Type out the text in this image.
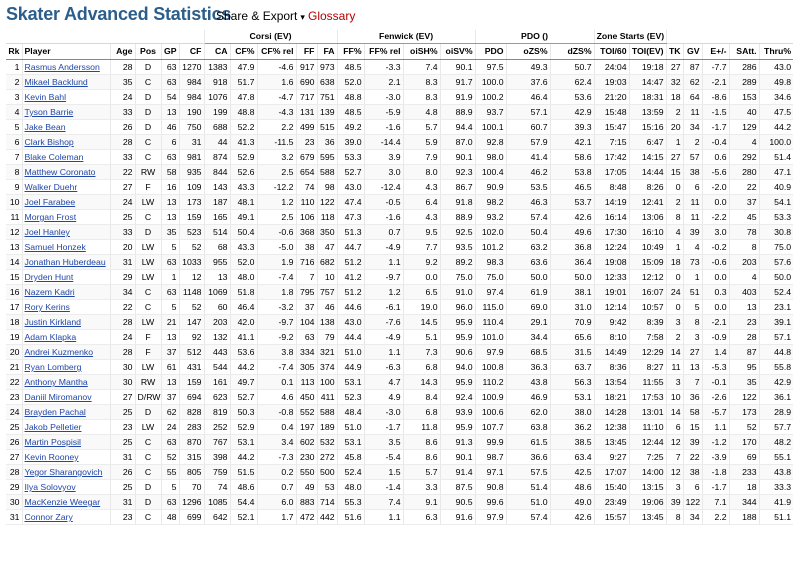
Skater Advanced Statistics
Share & Export ▾ Glossary
						Corsi (EV)					Fenwick (EV)				PDO ()			Zone Starts (EV)						
Rk	Player	Age	Pos	GP	CF	CA	CF%	CF% rel	FF	FA	FF%	FF% rel	oiSH%	oiSV%	PDO	oZS%	dZS%	TOI/60	TOI(EV)	TK	GV	E+/-	SAtt.	Thru%
1	Rasmus Andersson	28	D	63	1270	1383	47.9	-4.6	917	973	48.5	-3.3	7.4	90.1	97.5	49.3	50.7	24:04	19:18	27	87	-7.7	286	43.0
2	Mikael Backlund	35	C	63	984	918	51.7	1.6	690	638	52.0	2.1	8.3	91.7	100.0	37.6	62.4	19:03	14:47	32	62	-2.1	289	49.8
3	Kevin Bahl	24	D	54	984	1076	47.8	-4.7	717	751	48.8	-3.0	8.3	91.9	100.2	46.4	53.6	21:20	18:31	18	64	-8.6	153	34.6
4	Tyson Barrie	33	D	13	190	199	48.8	-4.3	131	139	48.5	-5.9	4.8	88.9	93.7	57.1	42.9	15:48	13:59	2	11	-1.5	40	47.5
5	Jake Bean	26	D	46	750	688	52.2	2.2	499	515	49.2	-1.6	5.7	94.4	100.1	60.7	39.3	15:47	15:16	20	34	-1.7	129	44.2
6	Clark Bishop	28	C	6	31	44	41.3	-11.5	23	36	39.0	-14.4	5.9	87.0	92.8	57.9	42.1	7:15	6:47	1	2	-0.4	4	100.0
7	Blake Coleman	33	C	63	981	874	52.9	3.2	679	595	53.3	3.9	7.9	90.1	98.0	41.4	58.6	17:42	14:15	27	57	0.6	292	51.4
8	Matthew Coronato	22	RW	58	935	844	52.6	2.5	654	588	52.7	3.0	8.0	92.3	100.4	46.2	53.8	17:05	14:44	15	38	-5.6	280	47.1
9	Walker Duehr	27	F	16	109	143	43.3	-12.2	74	98	43.0	-12.4	4.3	86.7	90.9	53.5	46.5	8:48	8:26	0	6	-2.0	22	40.9
10	Joel Farabee	24	LW	13	173	187	48.1	1.2	110	122	47.4	-0.5	6.4	91.8	98.2	46.3	53.7	14:19	12:41	2	11	0.0	37	54.1
11	Morgan Frost	25	C	13	159	165	49.1	2.5	106	118	47.3	-1.6	4.3	88.9	93.2	57.4	42.6	16:14	13:06	8	11	-2.2	45	53.3
12	Joel Hanley	33	D	35	523	514	50.4	-0.6	368	350	51.3	0.7	9.5	92.5	102.0	50.4	49.6	17:30	16:10	4	39	3.0	78	30.8
13	Samuel Honzek	20	LW	5	52	68	43.3	-5.0	38	47	44.7	-4.9	7.7	93.5	101.2	63.2	36.8	12:24	10:49	1	4	-0.2	8	75.0
14	Jonathan Huberdeau	31	LW	63	1033	955	52.0	1.9	716	682	51.2	1.1	9.2	89.2	98.3	63.6	36.4	19:08	15:09	18	73	-0.6	203	57.6
15	Dryden Hunt	29	LW	1	12	13	48.0	-7.4	7	10	41.2	-9.7	0.0	75.0	75.0	50.0	50.0	12:33	12:12	0	1	0.0	4	50.0
16	Nazem Kadri	34	C	63	1148	1069	51.8	1.8	795	757	51.2	1.2	6.5	91.0	97.4	61.9	38.1	19:01	16:07	24	51	0.3	403	52.4
17	Rory Kerins	22	C	5	52	60	46.4	-3.2	37	46	44.6	-6.1	19.0	96.0	115.0	69.0	31.0	12:14	10:57	0	5	0.0	13	23.1
18	Justin Kirkland	28	LW	21	147	203	42.0	-9.7	104	138	43.0	-7.6	14.5	95.9	110.4	29.1	70.9	9:42	8:39	3	8	-2.1	23	39.1
19	Adam Klapka	24	F	13	92	132	41.1	-9.2	63	79	44.4	-4.9	5.1	95.9	101.0	34.4	65.6	8:10	7:58	2	3	-0.9	28	57.1
20	Andrei Kuzmenko	28	F	37	512	443	53.6	3.8	334	321	51.0	1.1	7.3	90.6	97.9	68.5	31.5	14:49	12:29	14	27	1.4	87	44.8
21	Ryan Lomberg	30	LW	61	431	544	44.2	-7.4	305	374	44.9	-6.3	6.8	94.0	100.8	36.3	63.7	8:36	8:27	11	13	-5.3	95	55.8
22	Anthony Mantha	30	RW	13	159	161	49.7	0.1	113	100	53.1	4.7	14.3	95.9	110.2	43.8	56.3	13:54	11:55	3	7	-0.1	35	42.9
23	Daniil Miromanov	27	D/RW	37	694	623	52.7	4.6	450	411	52.3	4.9	8.4	92.4	100.9	46.9	53.1	18:21	17:53	10	36	-2.6	122	36.1
24	Brayden Pachal	25	D	62	828	819	50.3	-0.8	552	588	48.4	-3.0	6.8	93.9	100.6	62.0	38.0	14:28	13:01	14	58	-5.7	173	28.9
25	Jakob Pelletier	23	LW	24	283	252	52.9	0.4	197	189	51.0	-1.7	11.8	95.9	107.7	63.8	36.2	12:38	11:10	6	15	1.1	52	57.7
26	Martin Pospisil	25	C	63	870	767	53.1	3.4	602	532	53.1	3.5	8.6	91.3	99.9	61.5	38.5	13:45	12:44	12	39	-1.2	170	48.2
27	Kevin Rooney	31	C	52	315	398	44.2	-7.3	230	272	45.8	-5.4	8.6	90.1	98.7	36.6	63.4	9:27	7:25	7	22	-3.9	69	55.1
28	Yegor Sharangovich	26	C	55	805	759	51.5	0.2	550	500	52.4	1.5	5.7	91.4	97.1	57.5	42.5	17:07	14:00	12	38	-1.8	233	43.8
29	Ilya Solovyov	25	D	5	70	74	48.6	0.7	49	53	48.0	-1.4	3.3	87.5	90.8	51.4	48.6	15:40	13:15	3	6	-1.7	18	33.3
30	MacKenzie Weegar	31	D	63	1296	1085	54.4	6.0	883	714	55.3	7.4	9.1	90.5	99.6	51.0	49.0	23:49	19:06	39	122	7.1	344	41.9
31	Connor Zary	23	C	48	699	642	52.1	1.7	472	442	51.6	1.1	6.3	91.6	97.9	57.4	42.6	15:57	13:45	8	34	2.2	188	51.1
